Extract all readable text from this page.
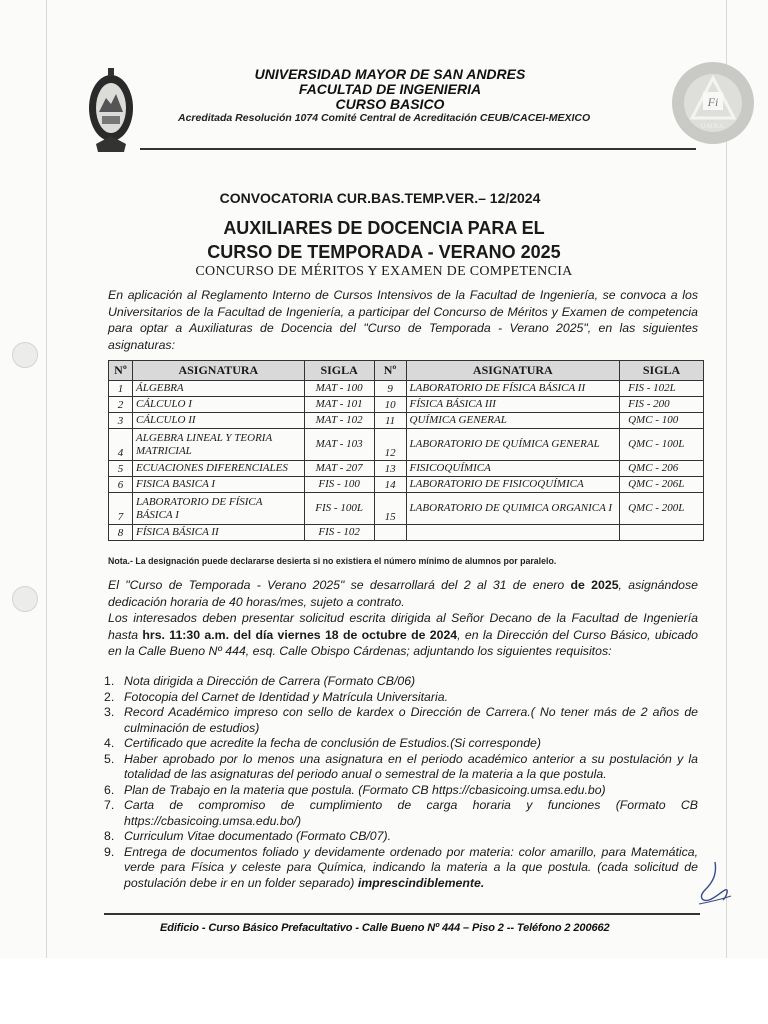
Fi
U.M.S.A.
UNIVERSIDAD MAYOR DE SAN ANDRES
FACULTAD DE INGENIERIA
CURSO BASICO
Acreditada Resolución 1074 Comité Central de Acreditación CEUB/CACEI-MEXICO
CONVOCATORIA CUR.BAS.TEMP.VER.– 12/2024
AUXILIARES DE DOCENCIA PARA EL
CURSO DE TEMPORADA - VERANO 2025
CONCURSO DE MÉRITOS Y EXAMEN DE COMPETENCIA
En aplicación al Reglamento Interno de Cursos Intensivos de la Facultad de Ingeniería, se convoca a los Universitarios de la Facultad de Ingeniería, a participar del Concurso de Méritos y Examen de competencia para optar a Auxiliaturas de Docencia del "Curso de Temporada - Verano 2025", en las siguientes asignaturas:
Nº	ASIGNATURA	SIGLA	Nº	ASIGNATURA	SIGLA
1	ÁLGEBRA	MAT - 100	9	LABORATORIO DE FÍSICA BÁSICA II	FIS - 102L
2	CÁLCULO I	MAT - 101	10	FÍSICA BÁSICA III	FIS - 200
3	CÁLCULO II	MAT - 102	11	QUÍMICA GENERAL	QMC - 100
4	ALGEBRA LINEAL Y TEORIA MATRICIAL	MAT - 103	12	LABORATORIO DE QUÍMICA GENERAL	QMC - 100L
5	ECUACIONES DIFERENCIALES	MAT - 207	13	FISICOQUÍMICA	QMC - 206
6	FISICA BASICA I	FIS - 100	14	LABORATORIO DE FISICOQUÍMICA	QMC - 206L
7	LABORATORIO DE FÍSICA BÁSICA I	FIS - 100L	15	LABORATORIO DE QUIMICA ORGANICA I	QMC - 200L
8	FÍSICA BÁSICA II	FIS - 102			
Nota.- La designación puede declararse desierta si no existiera el número mínimo de alumnos por paralelo.
El "Curso de Temporada - Verano 2025" se desarrollará del 2 al 31 de enero de 2025, asignándose dedicación horaria de 40 horas/mes, sujeto a contrato.
Los interesados deben presentar solicitud escrita dirigida al Señor Decano de la Facultad de Ingeniería hasta hrs. 11:30 a.m. del día viernes 18 de octubre de 2024, en la Dirección del Curso Básico, ubicado en la Calle Bueno Nº 444, esq. Calle Obispo Cárdenas; adjuntando los siguientes requisitos:
1. Nota dirigida a Dirección de Carrera (Formato CB/06)
2. Fotocopia del Carnet de Identidad y Matrícula Universitaria.
3. Record Académico impreso con sello de kardex o Dirección de Carrera.( No tener más de 2 años de culminación de estudios)
4. Certificado que acredite la fecha de conclusión de Estudios.(Si corresponde)
5. Haber aprobado por lo menos una asignatura en el periodo académico anterior a su postulación y la totalidad de las asignaturas del periodo anual o semestral de la materia a la que postula.
6. Plan de Trabajo en la materia que postula. (Formato CB https://cbasicoing.umsa.edu.bo)
7. Carta de compromiso de cumplimiento de carga horaria y funciones (Formato CB https://cbasicoing.umsa.edu.bo/)
8. Curriculum Vitae documentado (Formato CB/07).
9. Entrega de documentos foliado y devidamente ordenado por materia: color amarillo, para Matemática, verde para Física y celeste para Química, indicando la materia a la que postula. (cada solicitud de postulación debe ir en un folder separado) imprescindiblemente.
Edificio - Curso Básico Prefacultativo - Calle Bueno Nº 444 – Piso 2 -- Teléfono 2 200662
